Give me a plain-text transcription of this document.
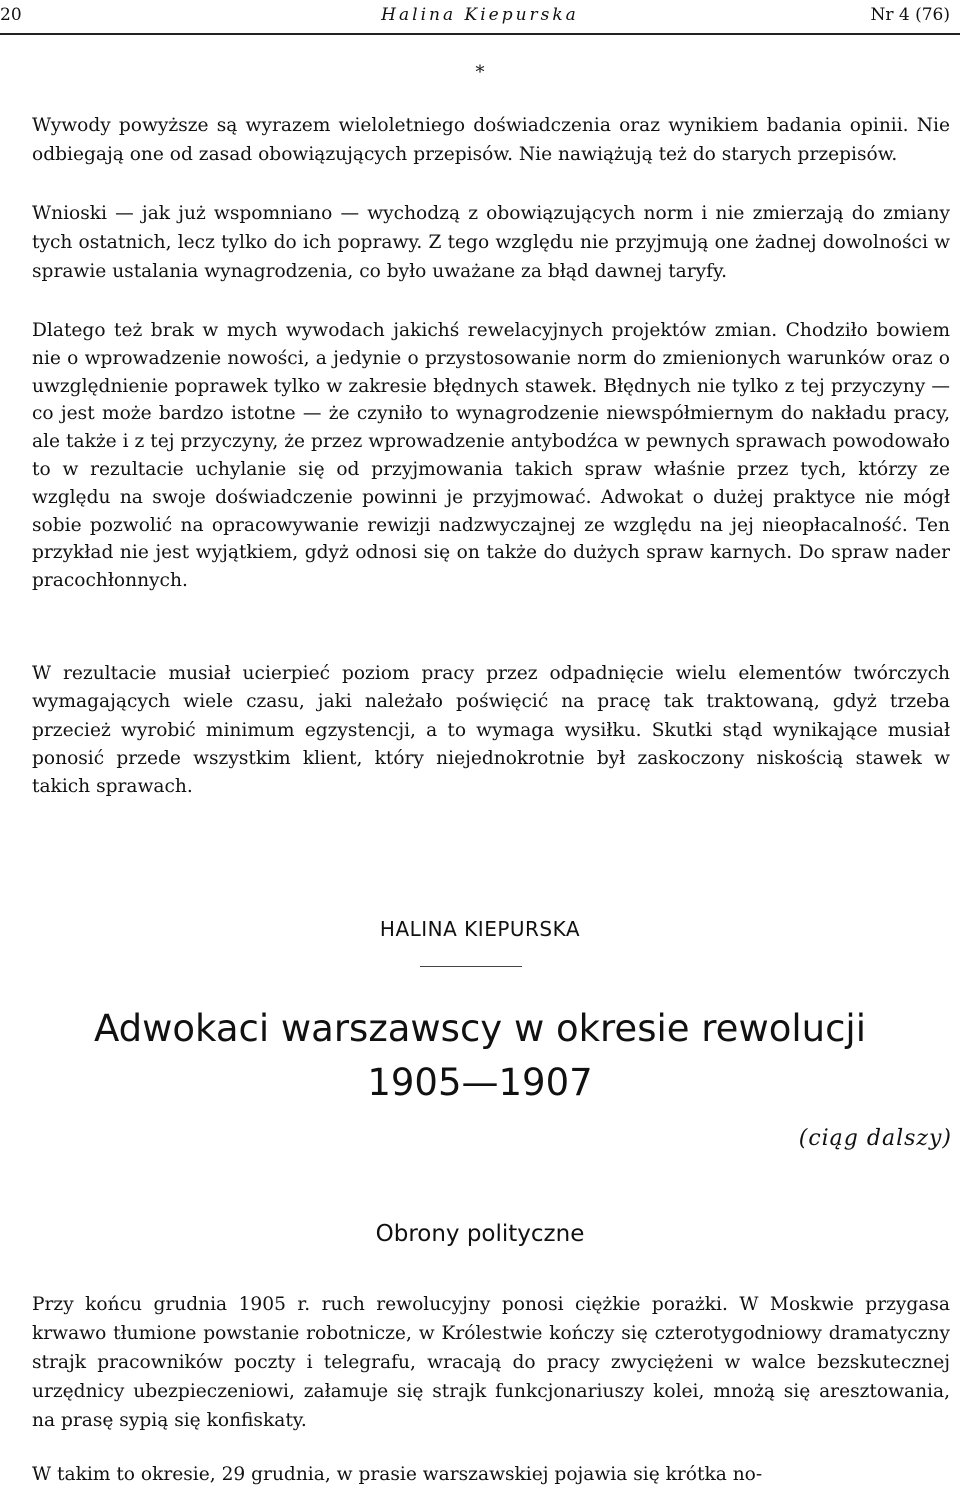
20	Halina Kiepurska	Nr 4 (76)
*

Wywody powyższe są wyrazem wieloletniego doświadczenia oraz wynikiem badania opinii. Nie odbiegają one od zasad obowiązujących przepisów. Nie nawiążują też do starych przepisów.

Wnioski — jak już wspomniano — wychodzą z obowiązujących norm i nie zmierzają do zmiany tych ostatnich, lecz tylko do ich poprawy. Z tego względu nie przyjmują one żadnej dowolności w sprawie ustalania wynagrodzenia, co było uważane za błąd dawnej taryfy.

Dlatego też brak w mych wywodach jakichś rewelacyjnych projektów zmian. Chodziło bowiem nie o wprowadzenie nowości, a jedynie o przystosowanie norm do zmienionych warunków oraz o uwzględnienie poprawek tylko w zakresie błędnych stawek. Błędnych nie tylko z tej przyczyny — co jest może bardzo istotne — że czyniło to wynagrodzenie niewspółmiernym do nakładu pracy, ale także i z tej przyczyny, że przez wprowadzenie antybodźca w pewnych sprawach powodowało to w rezultacie uchylanie się od przyjmowania takich spraw właśnie przez tych, którzy ze względu na swoje doświadczenie powinni je przyjmować. Adwokat o dużej praktyce nie mógł sobie pozwolić na opracowywanie rewizji nadzwyczajnej ze względu na jej nieopłacalność. Ten przykład nie jest wyjątkiem, gdyż odnosi się on także do dużych spraw karnych. Do spraw nader pracochłonnych.

W rezultacie musiał ucierpieć poziom pracy przez odpadnięcie wielu elementów twórczych wymagających wiele czasu, jaki należało poświęcić na pracę tak traktowaną, gdyż trzeba przecież wyrobić minimum egzystencji, a to wymaga wysiłku. Skutki stąd wynikające musiał ponosić przede wszystkim klient, który niejednokrotnie był zaskoczony niskością stawek w takich sprawach.

HALINA KIEPURSKA
Adwokaci warszawscy w okresie rewolucji
1905—1907
(ciąg dalszy)
Obrony polityczne

Przy końcu grudnia 1905 r. ruch rewolucyjny ponosi ciężkie porażki. W Moskwie przygasa krwawo tłumione powstanie robotnicze, w Królestwie kończy się czterotygodniowy dramatyczny strajk pracowników poczty i telegrafu, wracają do pracy zwyciężeni w walce bezskutecznej urzędnicy ubezpieczeniowi, załamuje się strajk funkcjonariuszy kolei, mnożą się aresztowania, na prasę sypią się konfiskaty.

W takim to okresie, 29 grudnia, w prasie warszawskiej pojawia się krótka no-
